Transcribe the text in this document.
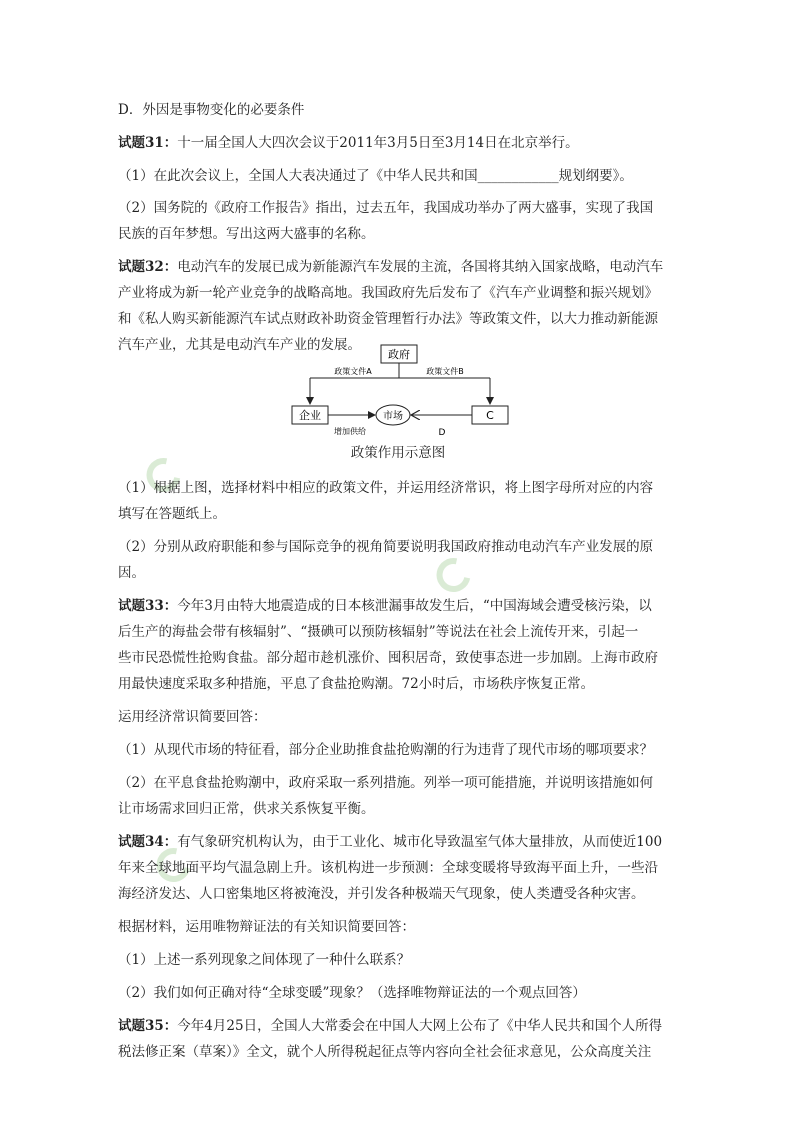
D．外因是事物变化的必要条件

试题31：十一届全国人大四次会议于2011年3月5日至3月14日在北京举行。

（1）在此次会议上，全国人大表决通过了《中华人民共和国____________规划纲要》。

（2）国务院的《政府工作报告》指出，过去五年，我国成功举办了两大盛事，实现了我国

民族的百年梦想。写出这两大盛事的名称。

试题32：电动汽车的发展已成为新能源汽车发展的主流，各国将其纳入国家战略，电动汽车

产业将成为新一轮产业竞争的战略高地。我国政府先后发布了《汽车产业调整和振兴规划》

和《私人购买新能源汽车试点财政补助资金管理暂行办法》等政策文件，以大力推动新能源

汽车产业，尤其是电动汽车产业的发展。

政府
政策文件A	政策文件B
企业	市场	C
增加供给	D
政策作用示意图

（1）根据上图，选择材料中相应的政策文件，并运用经济常识，将上图字母所对应的内容

填写在答题纸上。

（2）分别从政府职能和参与国际竞争的视角简要说明我国政府推动电动汽车产业发展的原

因。

试题33：今年3月由特大地震造成的日本核泄漏事故发生后，“中国海域会遭受核污染，以

后生产的海盐会带有核辐射”、“摄碘可以预防核辐射”等说法在社会上流传开来，引起一

些市民恐慌性抢购食盐。部分超市趁机涨价、囤积居奇，致使事态进一步加剧。上海市政府

用最快速度采取多种措施，平息了食盐抢购潮。72小时后，市场秩序恢复正常。

运用经济常识简要回答：

（1）从现代市场的特征看，部分企业助推食盐抢购潮的行为违背了现代市场的哪项要求？

（2）在平息食盐抢购潮中，政府采取一系列措施。列举一项可能措施，并说明该措施如何

让市场需求回归正常，供求关系恢复平衡。

试题34：有气象研究机构认为，由于工业化、城市化导致温室气体大量排放，从而使近100

年来全球地面平均气温急剧上升。该机构进一步预测：全球变暖将导致海平面上升，一些沿

海经济发达、人口密集地区将被淹没，并引发各种极端天气现象，使人类遭受各种灾害。

根据材料，运用唯物辩证法的有关知识简要回答：

（1）上述一系列现象之间体现了一种什么联系？

（2）我们如何正确对待“全球变暖”现象？（选择唯物辩证法的一个观点回答）

试题35：今年4月25日，全国人大常委会在中国人大网上公布了《中华人民共和国个人所得

税法修正案（草案）》全文，就个人所得税起征点等内容向全社会征求意见，公众高度关注
